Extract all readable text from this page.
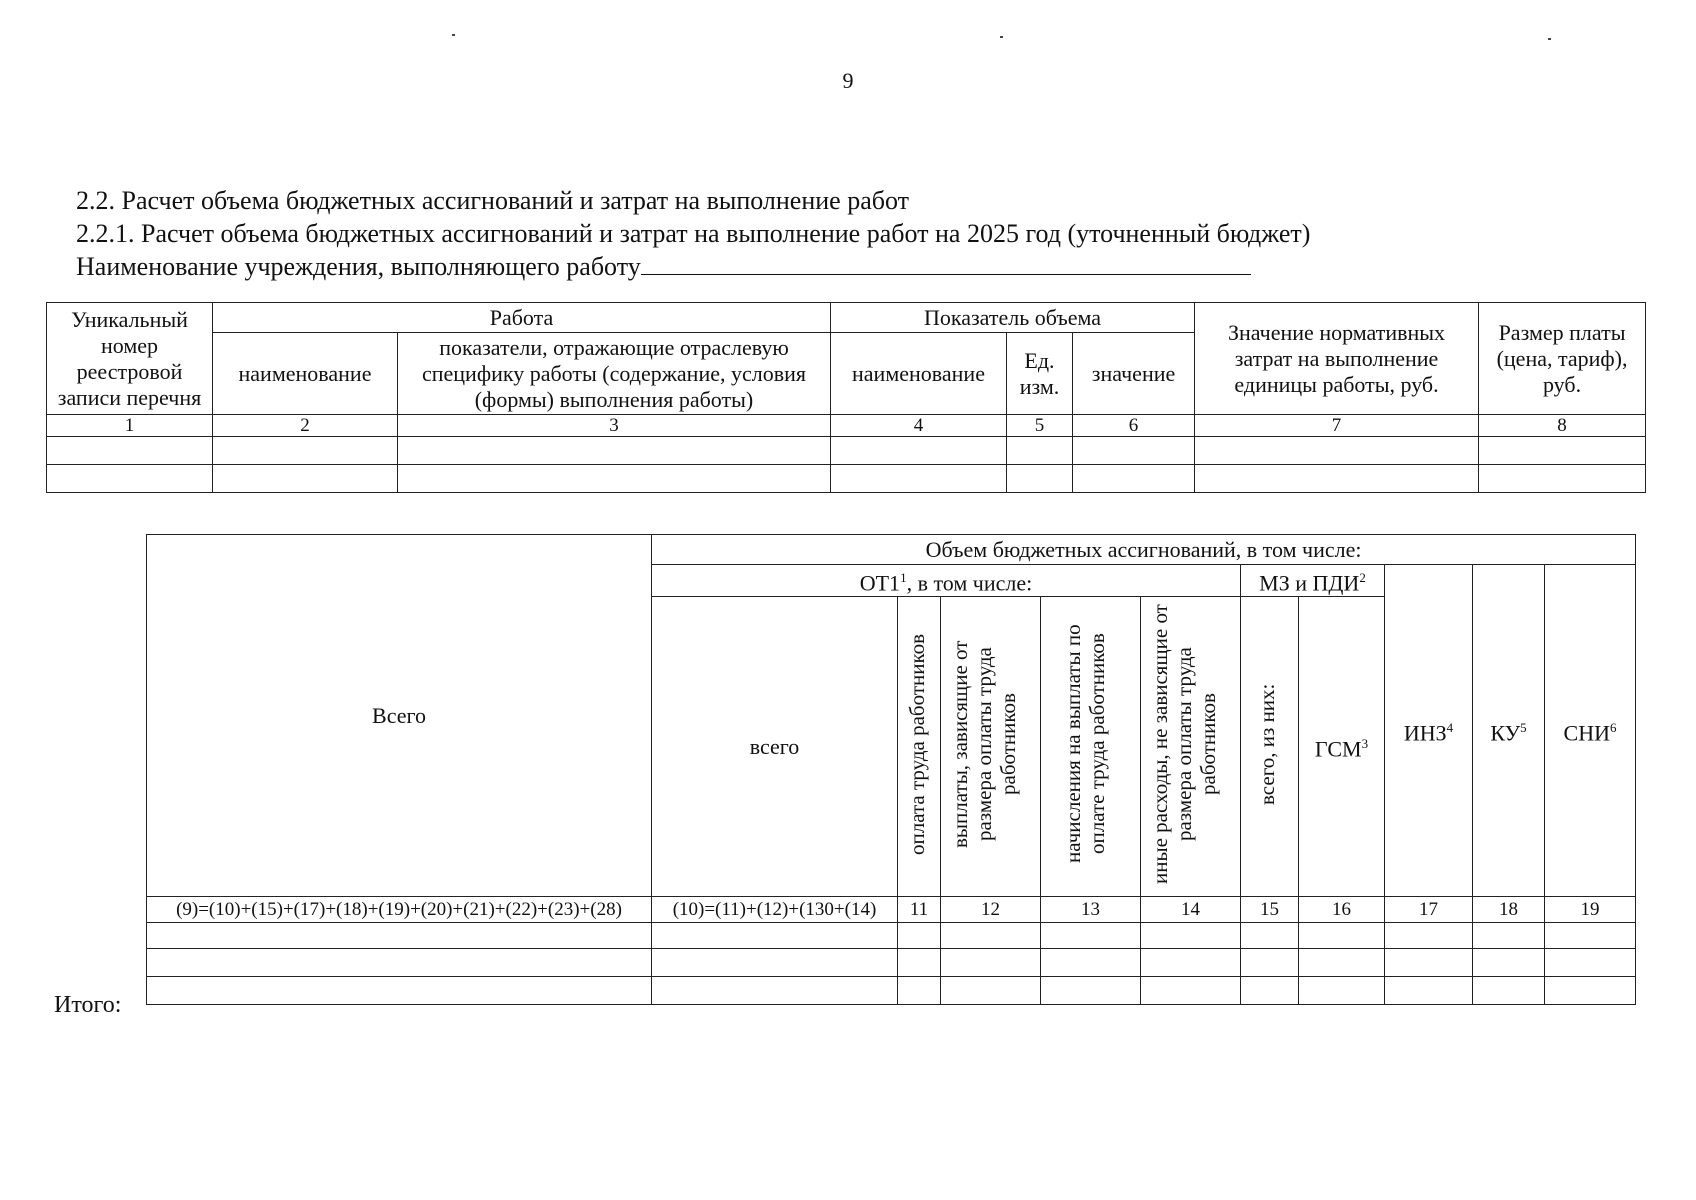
9
2.2. Расчет объема бюджетных ассигнований и затрат на выполнение работ
2.2.1. Расчет объема бюджетных ассигнований и затрат на выполнение работ на 2025 год (уточненный бюджет)
Наименование учреждения, выполняющего работу
Уникальный номер реестровой записи перечня	Работа		Показатель объема			Значение нормативных затрат на выполнение единицы работы, руб.	Размер платы (цена, тариф), руб.
	наименование	показатели, отражающие отраслевую специфику работы (содержание, условия (формы) выполнения работы)	наименование	Ед. изм.	значение		
1	2	3	4	5	6	7	8

Всего	Объем бюджетных ассигнований, в том числе:									
	$ОТ1^1$, в том числе:					МЗ и ПДИ$^2$		ИНЗ$^4$	$КУ^5$	СНИ$^6$
	всего	оплата труда работников	выплаты, зависящие от размера оплаты труда работников	начисления на выплаты по оплате труда работников	иные расходы, не зависящие от размера оплаты труда работников	всего, из них:	ГСМ$^3$

(9)=(10)+(15)+(17)+(18)+(19)+(20)+(21)+(22)+(23)+(28)	(10)=(11)+(12)+(130+(14)	11	12	13	14	15	16	17	18	19

Итого:
